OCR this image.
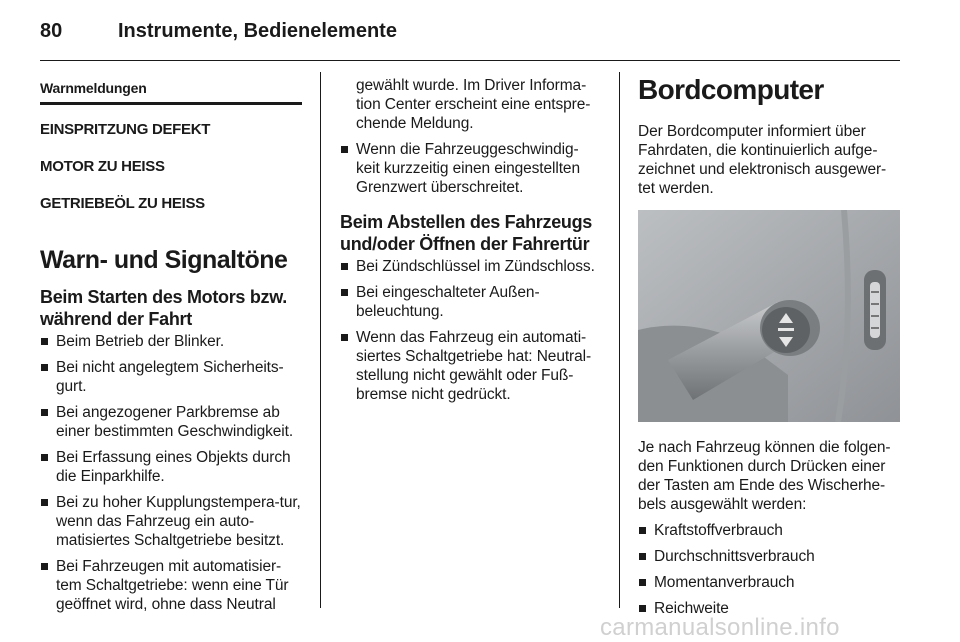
80	Instrumente, Bedienelemente
Warnmeldungen
EINSPRITZUNG DEFEKT
MOTOR ZU HEISS
GETRIEBEÖL ZU HEISS
Warn- und Signaltöne
Beim Starten des Motors bzw. während der Fahrt
Beim Betrieb der Blinker.
Bei nicht angelegtem Sicherheits-gurt.
Bei angezogener Parkbremse ab einer bestimmten Geschwindigkeit.
Bei Erfassung eines Objekts durch die Einparkhilfe.
Bei zu hoher Kupplungstempera-tur, wenn das Fahrzeug ein auto-matisiertes Schaltgetriebe besitzt.
Bei Fahrzeugen mit automatisier-tem Schaltgetriebe: wenn eine Tür geöffnet wird, ohne dass Neutral
gewählt wurde. Im Driver Informa-tion Center erscheint eine entspre-chende Meldung.
Wenn die Fahrzeuggeschwindig-keit kurzzeitig einen eingestellten Grenzwert überschreitet.
Beim Abstellen des Fahrzeugs und/oder Öffnen der Fahrertür
Bei Zündschlüssel im Zündschloss.
Bei eingeschalteter Außen-beleuchtung.
Wenn das Fahrzeug ein automati-siertes Schaltgetriebe hat: Neutral-stellung nicht gewählt oder Fuß-bremse nicht gedrückt.
Bordcomputer
Der Bordcomputer informiert über Fahrdaten, die kontinuierlich aufge-zeichnet und elektronisch ausgewer-tet werden.
Je nach Fahrzeug können die folgen-den Funktionen durch Drücken einer der Tasten am Ende des Wischerhe-bels ausgewählt werden:
Kraftstoffverbrauch
Durchschnittsverbrauch
Momentanverbrauch
Reichweite
carmanualsonline.info
